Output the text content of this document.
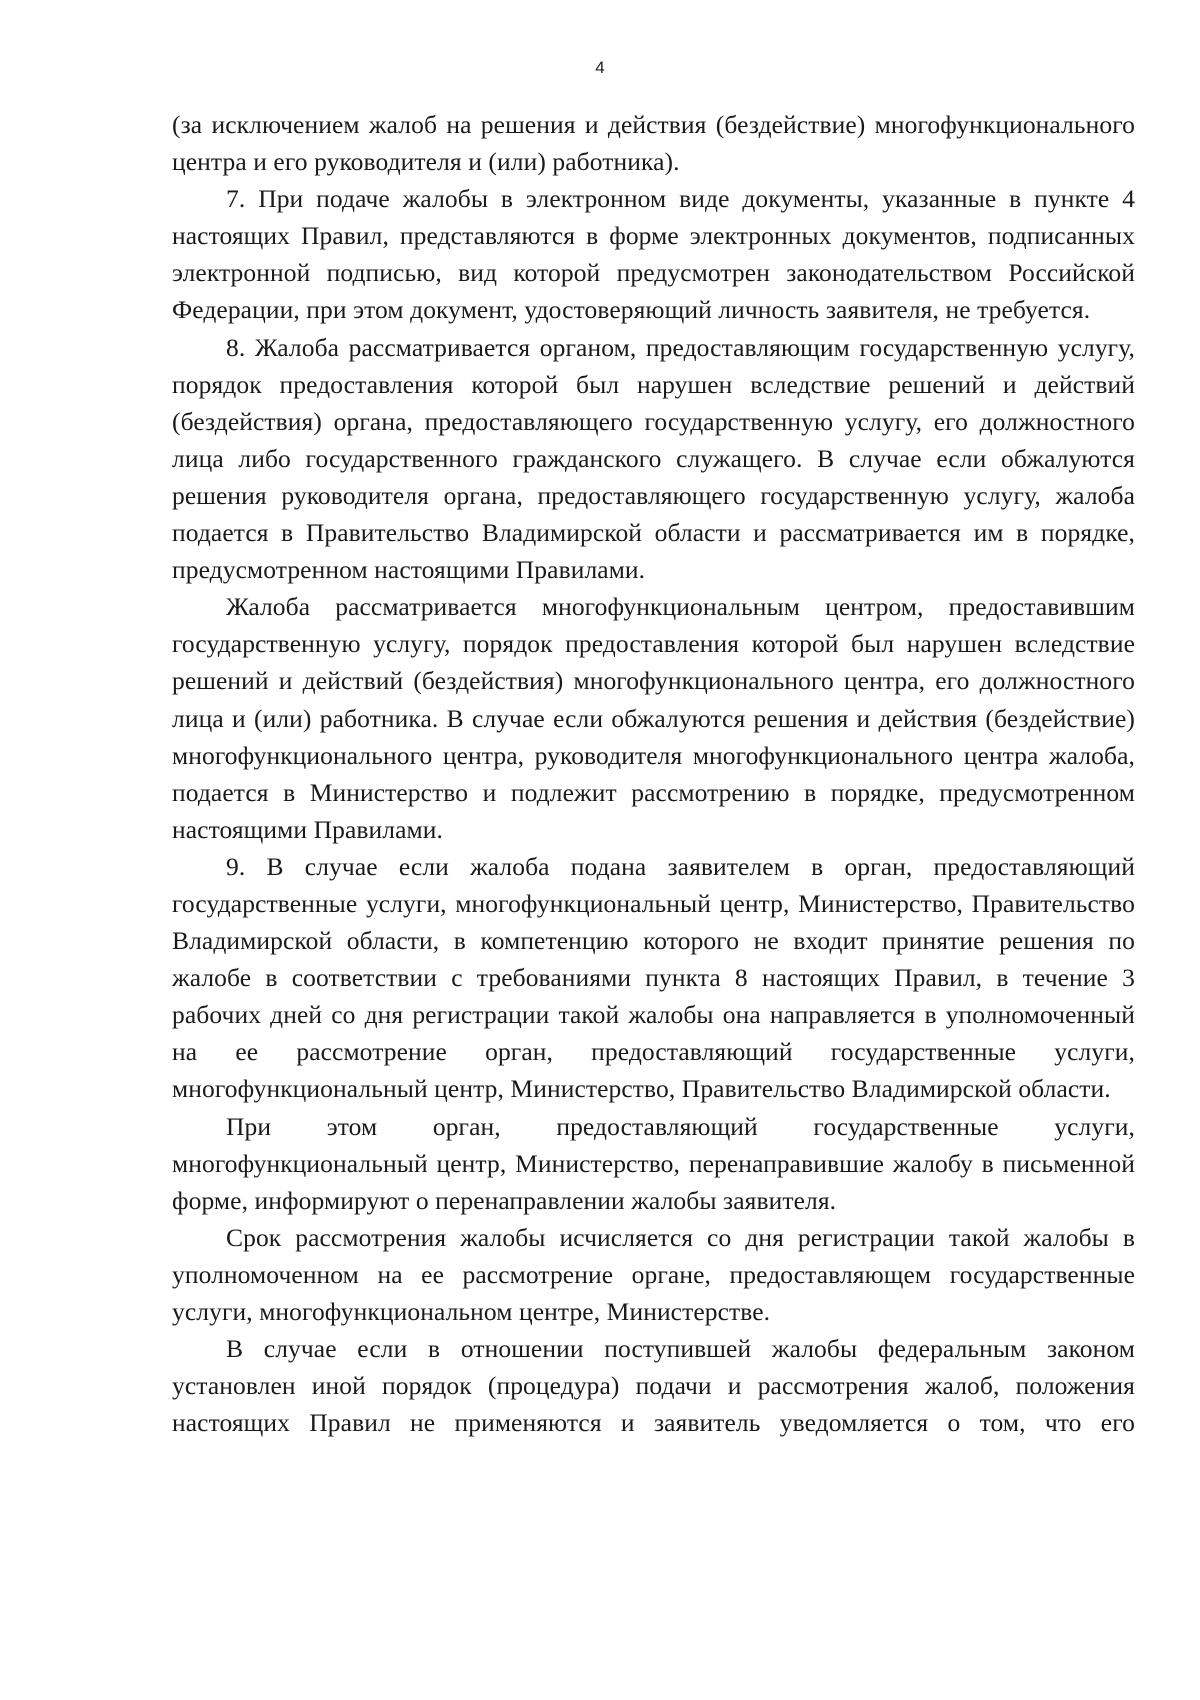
4

(за исключением жалоб на решения и действия (бездействие) многофункционального центра и его руководителя и (или) работника).

7. При подаче жалобы в электронном виде документы, указанные в пункте 4 настоящих Правил, представляются в форме электронных документов, подписанных электронной подписью, вид которой предусмотрен законодательством Российской Федерации, при этом документ, удостоверяющий личность заявителя, не требуется.

8. Жалоба рассматривается органом, предоставляющим государственную услугу, порядок предоставления которой был нарушен вследствие решений и действий (бездействия) органа, предоставляющего государственную услугу, его должностного лица либо государственного гражданского служащего. В случае если обжалуются решения руководителя органа, предоставляющего государственную услугу, жалоба подается в Правительство Владимирской области и рассматривается им в порядке, предусмотренном настоящими Правилами.

Жалоба рассматривается многофункциональным центром, предоставившим государственную услугу, порядок предоставления которой был нарушен вследствие решений и действий (бездействия) многофункционального центра, его должностного лица и (или) работника. В случае если обжалуются решения и действия (бездействие) многофункционального центра, руководителя многофункционального центра жалоба, подается в Министерство и подлежит рассмотрению в порядке, предусмотренном настоящими Правилами.

9. В случае если жалоба подана заявителем в орган, предоставляющий государственные услуги, многофункциональный центр, Министерство, Правительство Владимирской области, в компетенцию которого не входит принятие решения по жалобе в соответствии с требованиями пункта 8 настоящих Правил, в течение 3 рабочих дней со дня регистрации такой жалобы она направляется в уполномоченный на ее рассмотрение орган, предоставляющий государственные услуги, многофункциональный центр, Министерство, Правительство Владимирской области.

При этом орган, предоставляющий государственные услуги, многофункциональный центр, Министерство, перенаправившие жалобу в письменной форме, информируют о перенаправлении жалобы заявителя.

Срок рассмотрения жалобы исчисляется со дня регистрации такой жалобы в уполномоченном на ее рассмотрение органе, предоставляющем государственные услуги, многофункциональном центре, Министерстве.

В случае если в отношении поступившей жалобы федеральным законом установлен иной порядок (процедура) подачи и рассмотрения жалоб, положения настоящих Правил не применяются и заявитель уведомляется о том, что его
